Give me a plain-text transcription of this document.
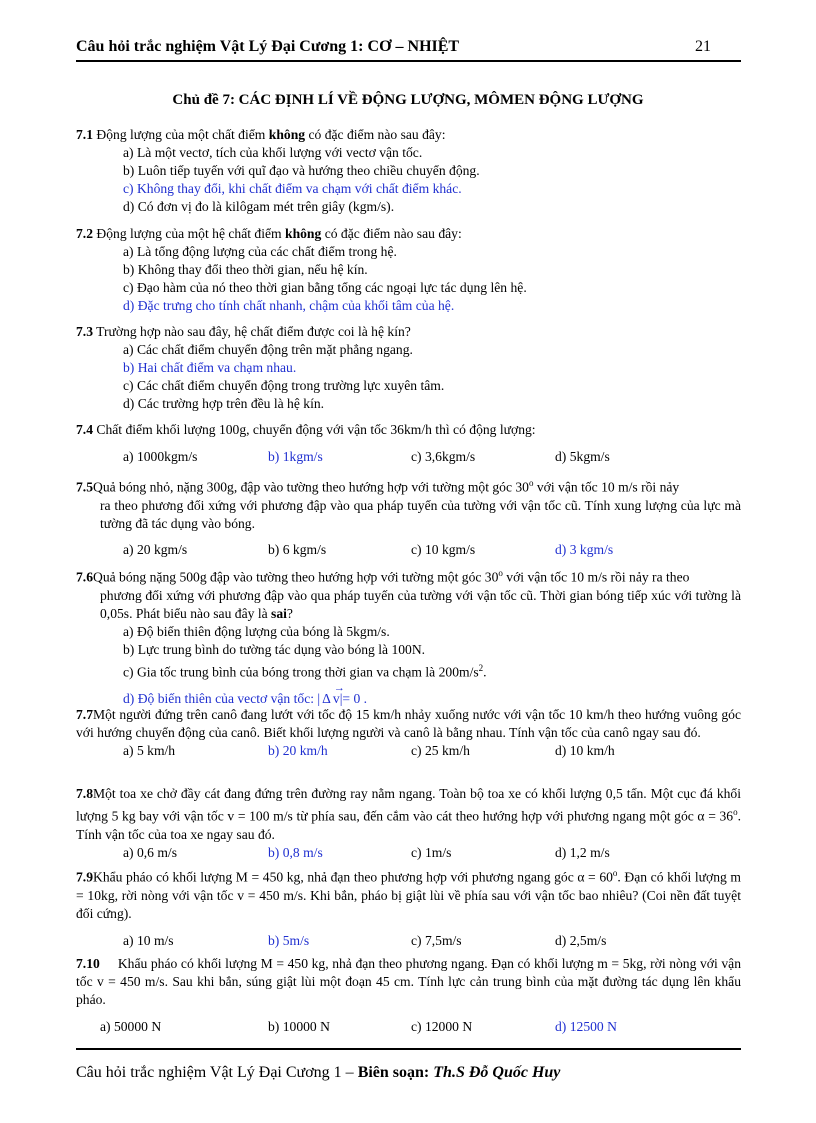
Câu hỏi trắc nghiệm Vật Lý Đại Cương 1: CƠ – NHIỆT	21
Chủ đề 7: CÁC ĐỊNH LÍ VỀ ĐỘNG LƯỢNG, MÔMEN ĐỘNG LƯỢNG
7.1 Động lượng của một chất điểm không có đặc điểm nào sau đây:
a) Là một vectơ, tích của khối lượng với vectơ vận tốc.
b) Luôn tiếp tuyến với quĩ đạo và hướng theo chiều chuyển động.
c) Không thay đổi, khi chất điểm va chạm với chất điểm khác.
d) Có đơn vị đo là kilôgam mét trên giây (kgm/s).
7.2 Động lượng của một hệ chất điểm không có đặc điểm nào sau đây:
a) Là tổng động lượng của các chất điểm trong hệ.
b) Không thay đổi theo thời gian, nếu hệ kín.
c) Đạo hàm của nó theo thời gian bằng tổng các ngoại lực tác dụng lên hệ.
d) Đặc trưng cho tính chất nhanh, chậm của khối tâm của hệ.
7.3 Trường hợp nào sau đây, hệ chất điểm được coi là hệ kín?
a) Các chất điểm chuyển động trên mặt phẳng ngang.
b) Hai chất điểm va chạm nhau.
c) Các chất điểm chuyển động trong trường lực xuyên tâm.
d) Các trường hợp trên đều là hệ kín.
7.4 Chất điểm khối lượng 100g, chuyển động với vận tốc 36km/h thì có động lượng:
a) 1000kgm/s	b) 1kgm/s	c) 3,6kgm/s	d) 5kgm/s
7.5Quả bóng nhỏ, nặng 300g, đập vào tường theo hướng hợp với tường một góc 30$^o$ với vận tốc 10 m/s rồi nảy
ra theo phương đối xứng với phương đập vào qua pháp tuyến của tường với vận tốc cũ. Tính xung lượng của lực mà tường đã tác dụng vào bóng.
a) 20 kgm/s	b) 6 kgm/s	c) 10 kgm/s	d) 3 kgm/s
7.6Quả bóng nặng 500g đập vào tường theo hướng hợp với tường một góc 30$^o$ với vận tốc 10 m/s rồi nảy ra theo
phương đối xứng với phương đập vào qua pháp tuyến của tường với vận tốc cũ. Thời gian bóng tiếp xúc với tường là 0,05s. Phát biểu nào sau đây là sai?
a) Độ biến thiên động lượng của bóng là 5kgm/s.
b) Lực trung bình do tường tác dụng vào bóng là 100N.
c) Gia tốc trung bình của bóng trong thời gian va chạm là $200m/s^2$.
d) Độ biến thiên của vectơ vận tốc: | Δ
→
v|= 0 .
7.7Một người đứng trên canô đang lướt với tốc độ 15 km/h nhảy xuống nước với vận tốc 10 km/h theo hướng vuông góc với hướng chuyển động của canô. Biết khối lượng người và canô là bằng nhau. Tính vận tốc của canô ngay sau đó.
a) 5 km/h	b) 20 km/h	c) 25 km/h	d) 10 km/h
7.8Một toa xe chở đầy cát đang đứng trên đường ray nằm ngang. Toàn bộ toa xe có khối lượng 0,5 tấn. Một cục đá khối lượng 5 kg bay với vận tốc v = 100 m/s từ phía sau, đến cắm vào cát theo hướng hợp với phương ngang một góc $\alpha = 36^o$. Tính vận tốc của toa xe ngay sau đó.
a) 0,6 m/s	b) 0,8 m/s	c) 1m/s	d) 1,2 m/s
7.9Khẩu pháo có khối lượng M = 450 kg, nhả đạn theo phương hợp với phương ngang góc $\alpha = 60^o$. Đạn có khối lượng m = 10kg, rời nòng với vận tốc v = 450 m/s. Khi bắn, pháo bị giật lùi về phía sau với vận tốc bao nhiêu? (Coi nền đất tuyệt đối cứng).
a) 10 m/s	b) 5m/s	c) 7,5m/s	d) 2,5m/s
7.10 Khẩu pháo có khối lượng M = 450 kg, nhả đạn theo phương ngang. Đạn có khối lượng m = 5kg, rời nòng với vận tốc v = 450 m/s. Sau khi bắn, súng giật lùi một đoạn 45 cm. Tính lực cản trung bình của mặt đường tác dụng lên khẩu pháo.
a) 50000 N	b) 10000 N	c) 12000 N	d) 12500 N
Câu hỏi trắc nghiệm Vật Lý Đại Cương 1 – Biên soạn: Th.S Đỗ Quốc Huy
